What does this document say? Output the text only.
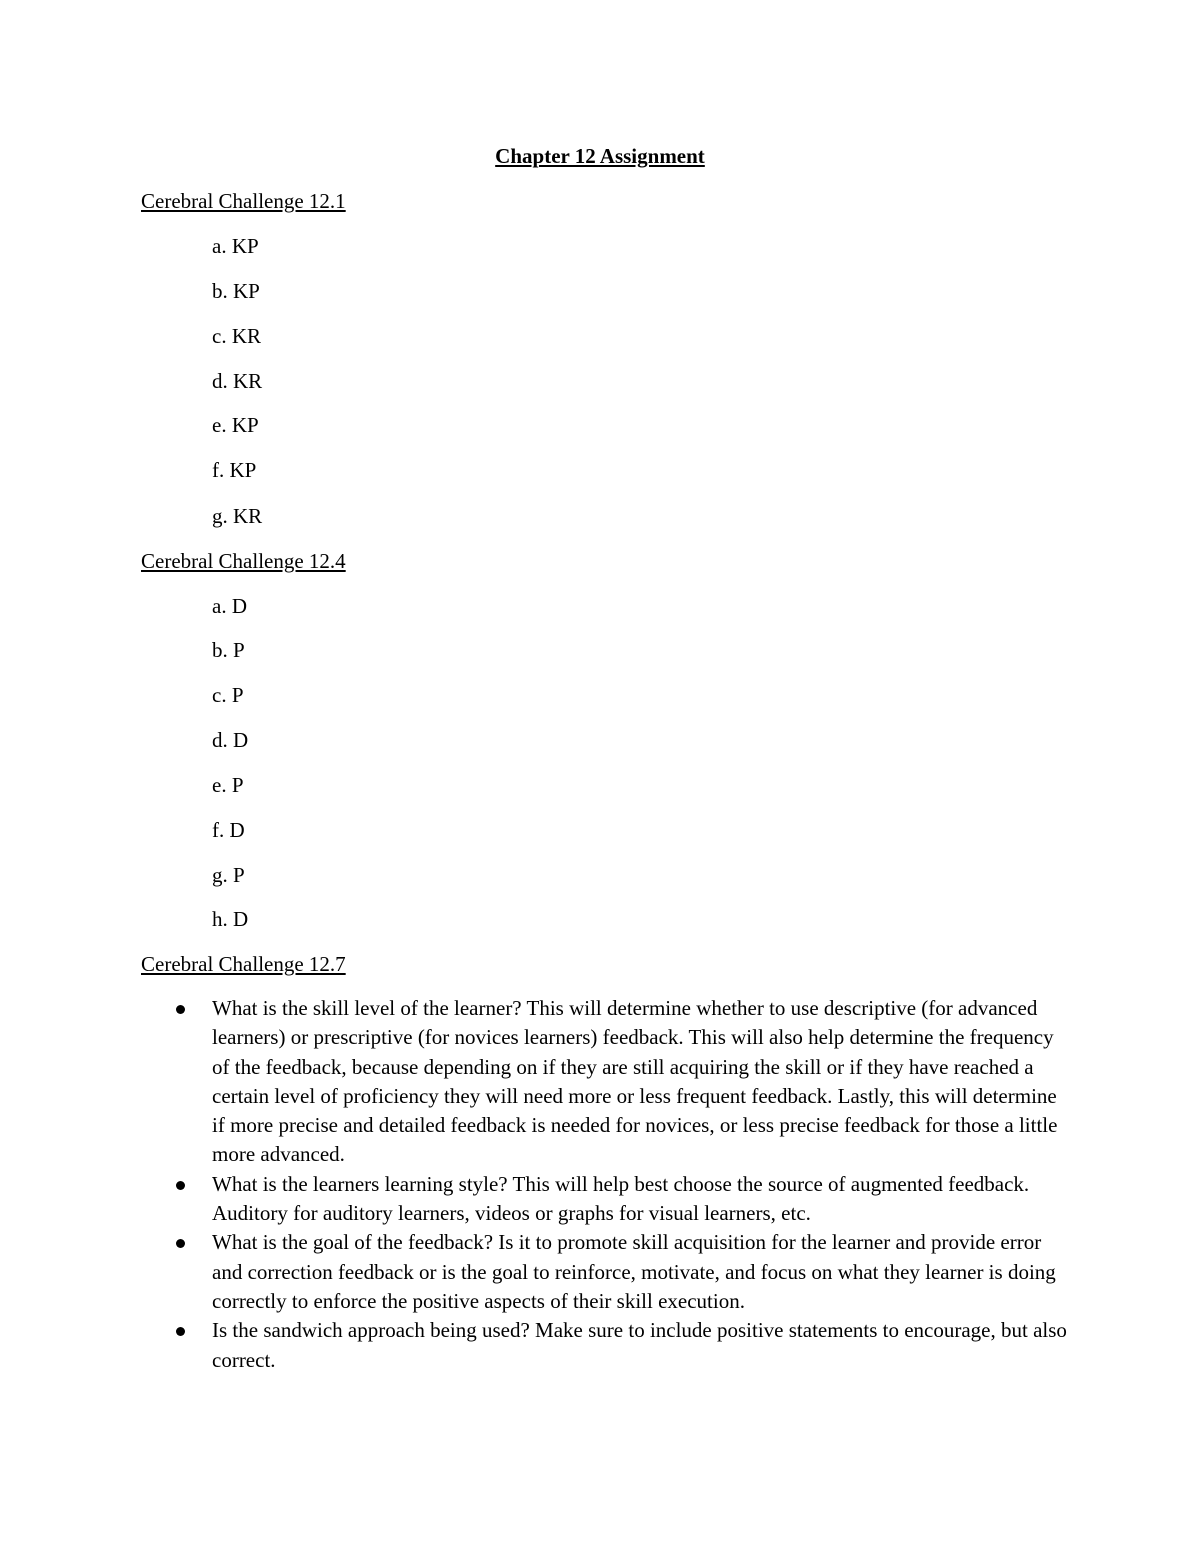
Chapter 12 Assignment
Cerebral Challenge 12.1
a. KP
b. KP
c. KR
d. KR
e. KP
f. KP
g. KR
Cerebral Challenge 12.4
a. D
b. P
c. P
d. D
e. P
f. D
g. P
h. D
Cerebral Challenge 12.7
What is the skill level of the learner? This will determine whether to use descriptive (for advanced learners) or prescriptive (for novices learners) feedback. This will also help determine the frequency of the feedback, because depending on if they are still acquiring the skill or if they have reached a certain level of proficiency they will need more or less frequent feedback. Lastly, this will determine if more precise and detailed feedback is needed for novices, or less precise feedback for those a little more advanced.
What is the learners learning style? This will help best choose the source of augmented feedback. Auditory for auditory learners, videos or graphs for visual learners, etc.
What is the goal of the feedback? Is it to promote skill acquisition for the learner and provide error and correction feedback or is the goal to reinforce, motivate, and focus on what they learner is doing correctly to enforce the positive aspects of their skill execution.
Is the sandwich approach being used? Make sure to include positive statements to encourage, but also correct.
